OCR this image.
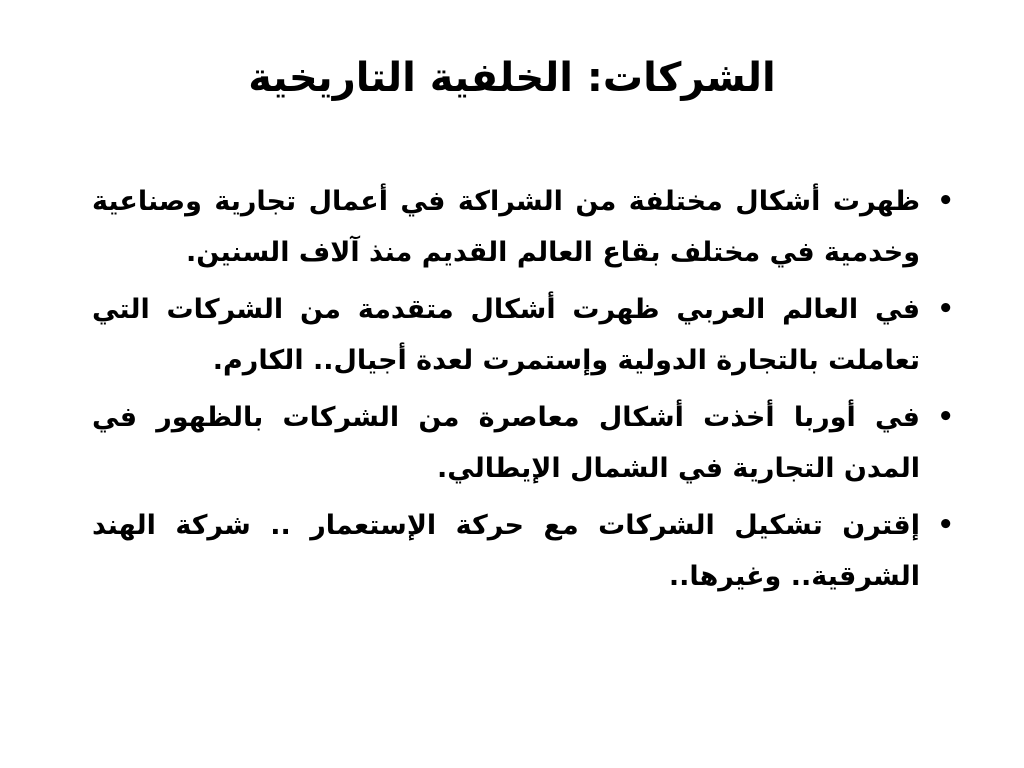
الشركات: الخلفية التاريخية
•
ظهرت أشكال مختلفة من الشراكة في أعمال تجارية وصناعية وخدمية في مختلف بقاع العالم القديم منذ آلاف السنين.
•
في العالم العربي ظهرت أشكال متقدمة من الشركات التي تعاملت بالتجارة الدولية وإستمرت لعدة أجيال.. الكارم.
•
في أوربا أخذت أشكال معاصرة من الشركات بالظهور في المدن التجارية في الشمال الإيطالي.
•
إقترن تشكيل الشركات مع حركة الإستعمار .. شركة الهند الشرقية.. وغيرها..
